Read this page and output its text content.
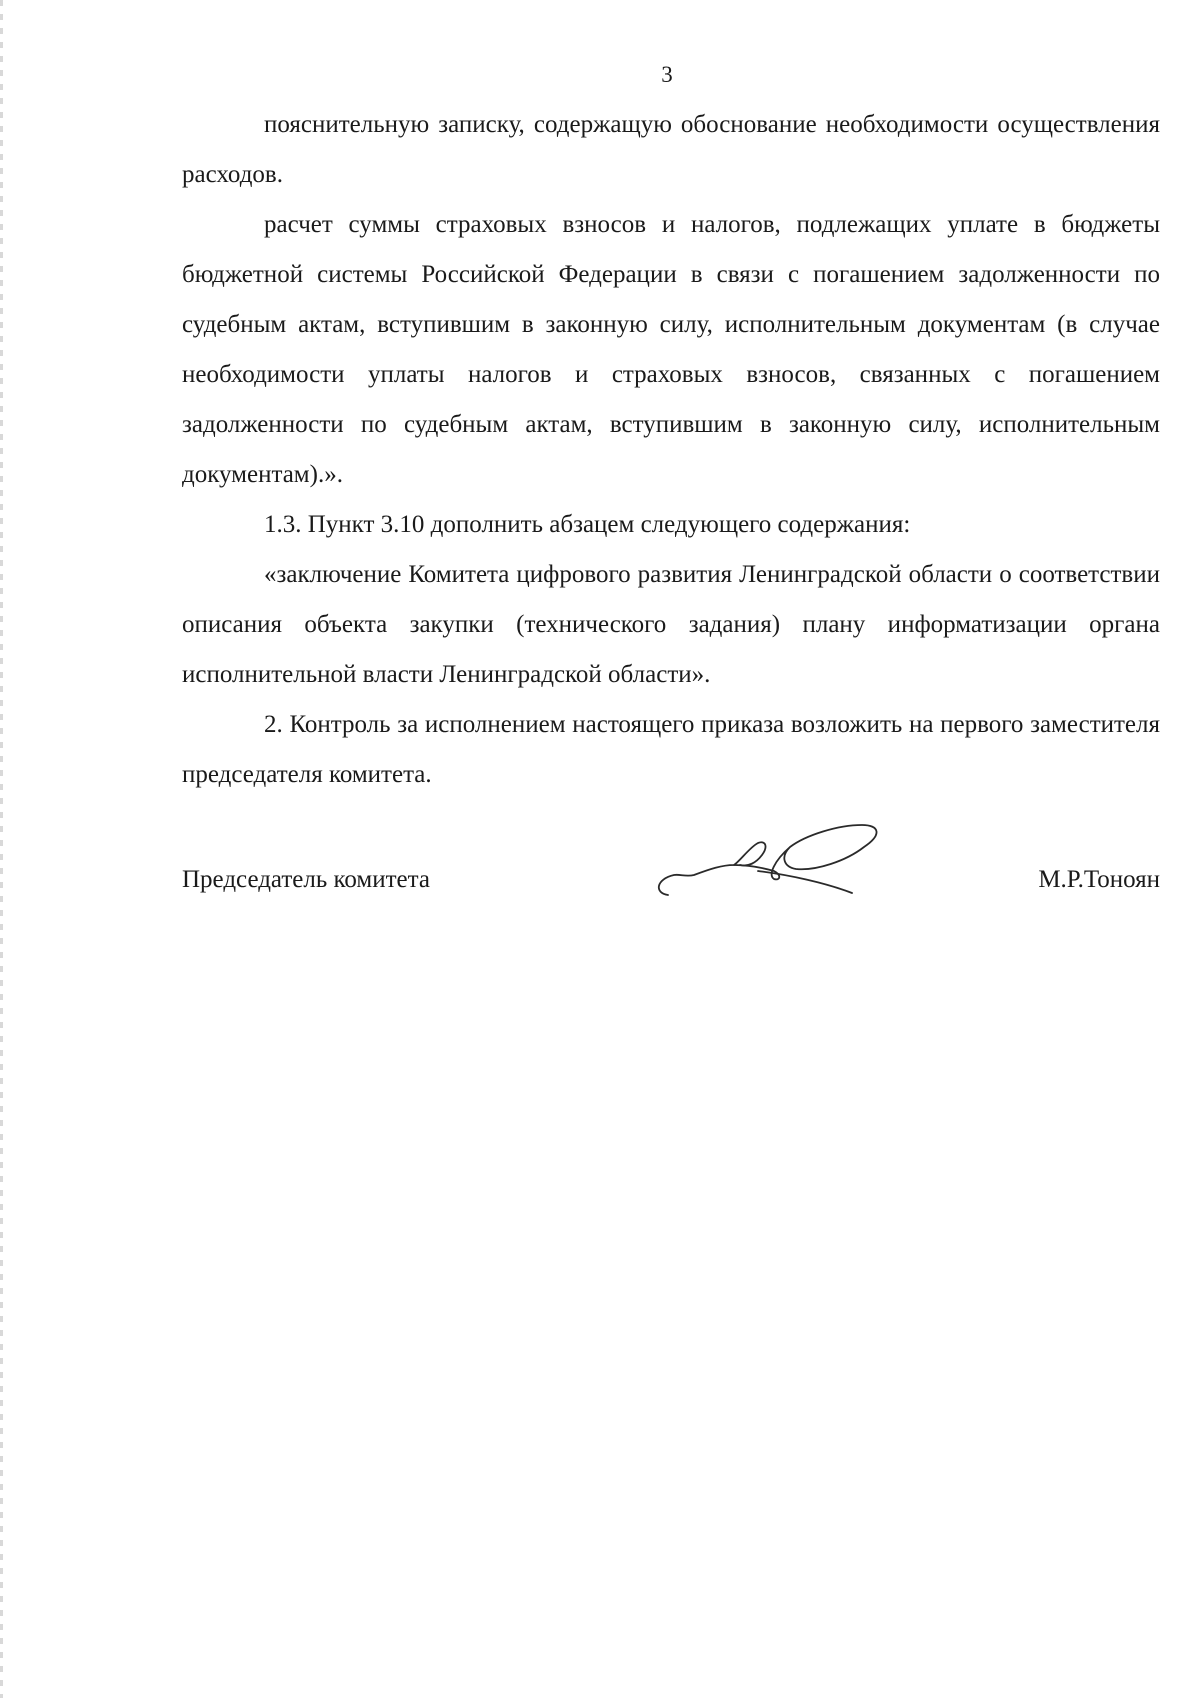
3

пояснительную записку, содержащую обоснование необходимости осуществления расходов.

расчет суммы страховых взносов и налогов, подлежащих уплате в бюджеты бюджетной системы Российской Федерации в связи с погашением задолженности по судебным актам, вступившим в законную силу, исполнительным документам (в случае необходимости уплаты налогов и страховых взносов, связанных с погашением задолженности по судебным актам, вступившим в законную силу, исполнительным документам).».

1.3. Пункт 3.10 дополнить абзацем следующего содержания:

«заключение Комитета цифрового развития Ленинградской области о соответствии описания объекта закупки (технического задания) плану информатизации органа исполнительной власти Ленинградской области».

2. Контроль за исполнением настоящего приказа возложить на первого заместителя председателя комитета.

Председатель комитета	М.Р.Тоноян
